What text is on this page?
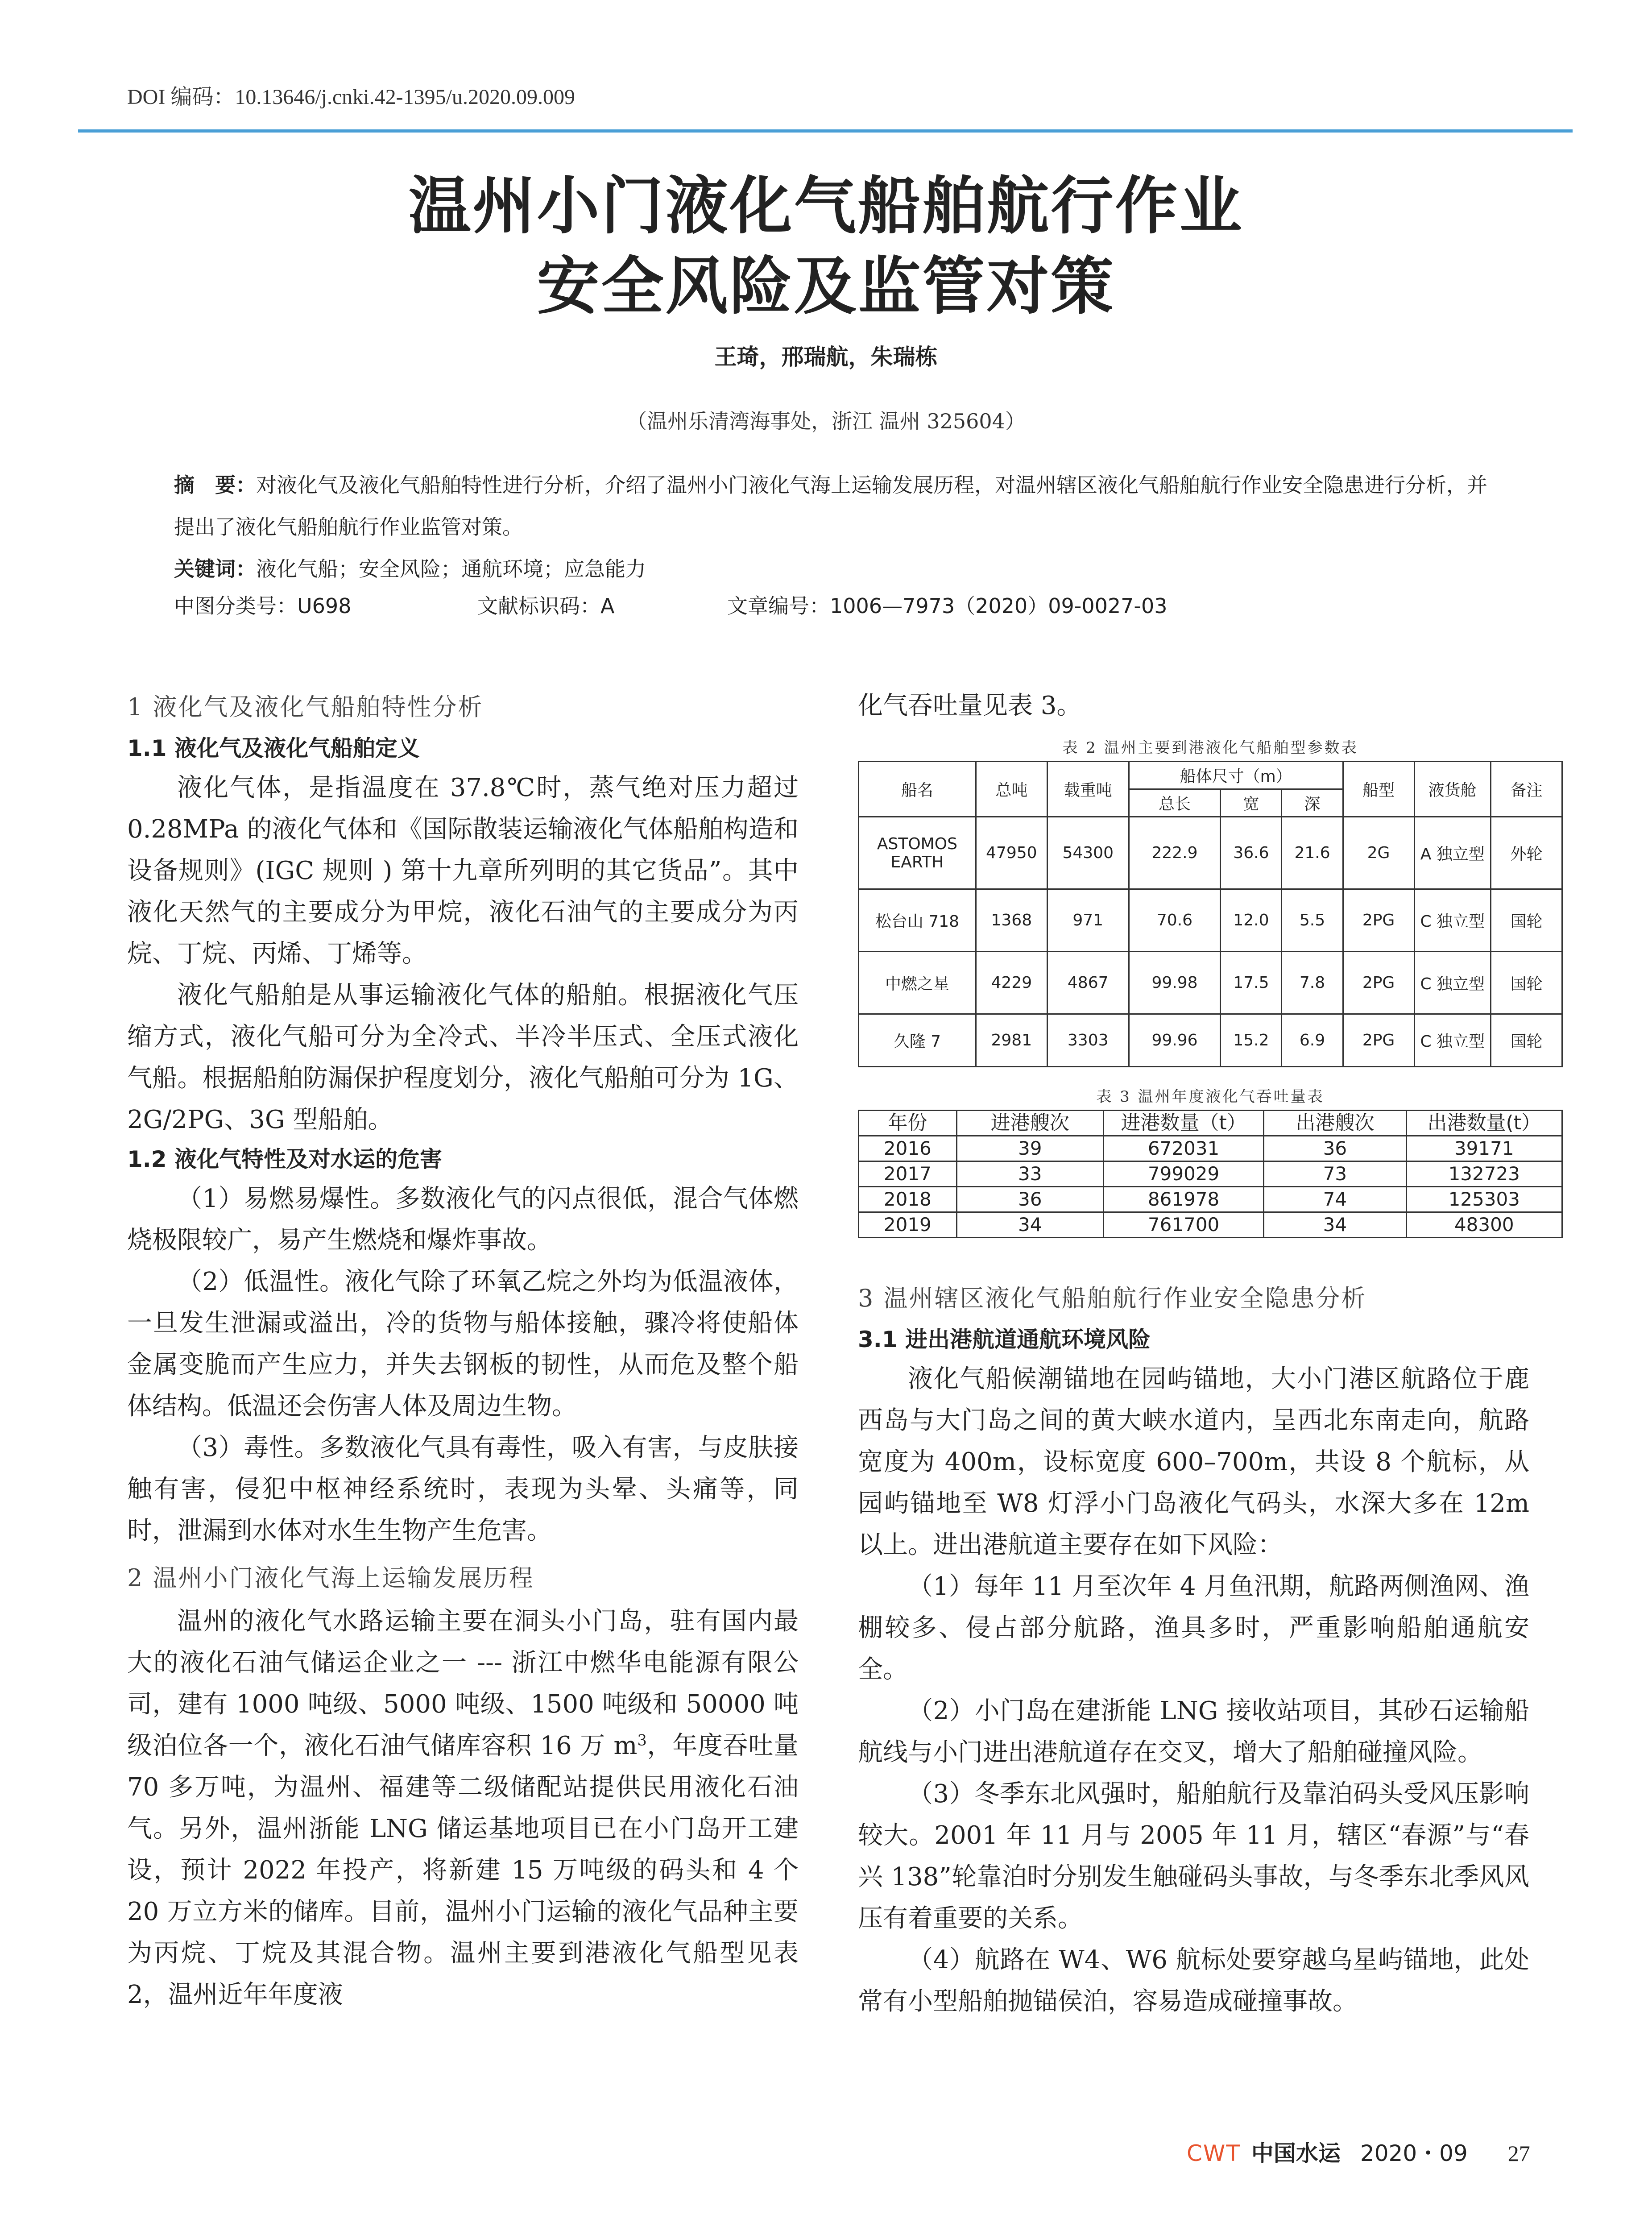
DOI 编码：10.13646/j.cnki.42-1395/u.2020.09.009
温州小门液化气船舶航行作业
安全风险及监管对策
王琦，邢瑞航，朱瑞栋
（温州乐清湾海事处，浙江 温州 325604）
摘　要：对液化气及液化气船舶特性进行分析，介绍了温州小门液化气海上运输发展历程，对温州辖区液化气船舶航行作业安全隐患进行分析，并提出了液化气船舶航行作业监管对策。
关键词：液化气船；安全风险；通航环境；应急能力
中图分类号：U698	文献标识码：A	文章编号：1006—7973（2020）09-0027-03
1 液化气及液化气船舶特性分析
1.1 液化气及液化气船舶定义

液化气体，是指温度在 37.8℃时，蒸气绝对压力超过 0.28MPa 的液化气体和《国际散装运输液化气体船舶构造和设备规则》(IGC 规则 ) 第十九章所列明的其它货品”。其中液化天然气的主要成分为甲烷，液化石油气的主要成分为丙烷、丁烷、丙烯、丁烯等。

液化气船舶是从事运输液化气体的船舶。根据液化气压缩方式，液化气船可分为全冷式、半冷半压式、全压式液化气船。根据船舶防漏保护程度划分，液化气船舶可分为 1G、2G/2PG、3G 型船舶。

1.2 液化气特性及对水运的危害

（1）易燃易爆性。多数液化气的闪点很低，混合气体燃烧极限较广，易产生燃烧和爆炸事故。

（2）低温性。液化气除了环氧乙烷之外均为低温液体，一旦发生泄漏或溢出，冷的货物与船体接触，骤冷将使船体金属变脆而产生应力，并失去钢板的韧性，从而危及整个船体结构。低温还会伤害人体及周边生物。

（3）毒性。多数液化气具有毒性，吸入有害，与皮肤接触有害，侵犯中枢神经系统时，表现为头晕、头痛等，同时，泄漏到水体对水生生物产生危害。

2 温州小门液化气海上运输发展历程

温州的液化气水路运输主要在洞头小门岛，驻有国内最大的液化石油气储运企业之一 --- 浙江中燃华电能源有限公司，建有 1000 吨级、5000 吨级、1500 吨级和 50000 吨级泊位各一个，液化石油气储库容积 16 万 $m^3$，年度吞吐量 70 多万吨，为温州、福建等二级储配站提供民用液化石油气。另外，温州浙能 LNG 储运基地项目已在小门岛开工建设，预计 2022 年投产，将新建 15 万吨级的码头和 4 个 20 万立方米的储库。目前，温州小门运输的液化气品种主要为丙烷、丁烷及其混合物。温州主要到港液化气船型见表 2，温州近年年度液

化气吞吐量见表 3。

表 2 温州主要到港液化气船舶型参数表
船名	总吨	载重吨	船体尺寸（m）			船型	液货舱	备注
			总长	宽	深			
ASTOMOS EARTH	47950	54300	222.9	36.6	21.6	2G	A 独立型	外轮
松台山 718	1368	971	70.6	12.0	5.5	2PG	C 独立型	国轮
中燃之星	4229	4867	99.98	17.5	7.8	2PG	C 独立型	国轮
久隆 7	2981	3303	99.96	15.2	6.9	2PG	C 独立型	国轮
表 3 温州年度液化气吞吐量表
年份	进港艘次	进港数量（t）	出港艘次	出港数量(t）
2016	39	672031	36	39171
2017	33	799029	73	132723
2018	36	861978	74	125303
2019	34	761700	34	48300
3 温州辖区液化气船舶航行作业安全隐患分析
3.1 进出港航道通航环境风险

液化气船候潮锚地在园屿锚地，大小门港区航路位于鹿西岛与大门岛之间的黄大峡水道内，呈西北东南走向，航路宽度为 400m，设标宽度 600–700m，共设 8 个航标，从园屿锚地至 W8 灯浮小门岛液化气码头，水深大多在 12m 以上。进出港航道主要存在如下风险：

（1）每年 11 月至次年 4 月鱼汛期，航路两侧渔网、渔棚较多、侵占部分航路，渔具多时，严重影响船舶通航安全。

（2）小门岛在建浙能 LNG 接收站项目，其砂石运输船航线与小门进出港航道存在交叉，增大了船舶碰撞风险。

（3）冬季东北风强时，船舶航行及靠泊码头受风压影响较大。2001 年 11 月与 2005 年 11 月，辖区“春源”与“春兴 138”轮靠泊时分别发生触碰码头事故，与冬季东北季风风压有着重要的关系。

（4）航路在 W4、W6 航标处要穿越乌星屿锚地，此处常有小型船舶抛锚侯泊，容易造成碰撞事故。

CWT 中国水运 2020・09 27
